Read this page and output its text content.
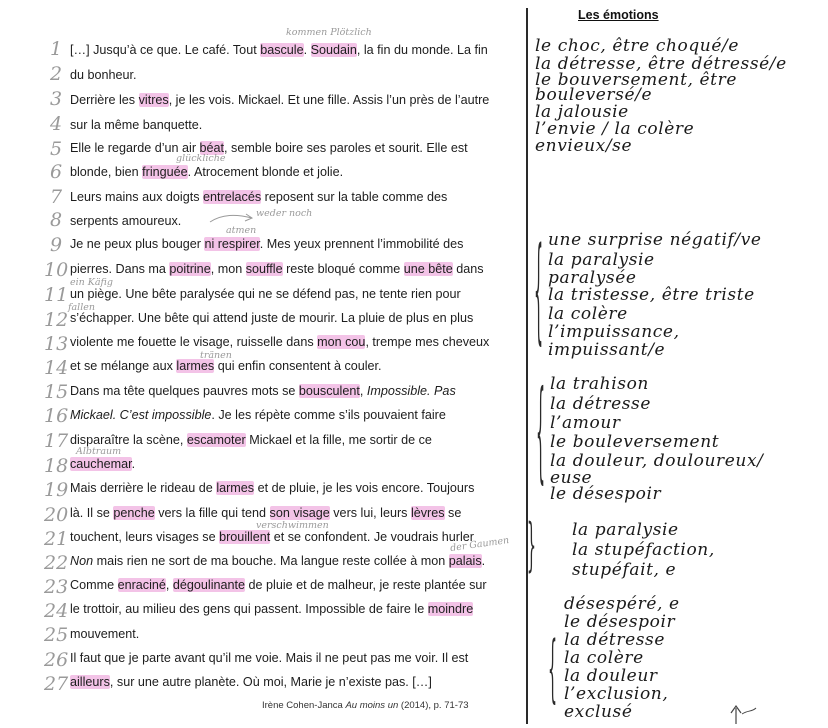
1
2
3
4
5
6
7
8
9
10
11
12
13
14
15
16
17
18
19
20
21
22
23
24
25
26
27
[…] Jusqu’à ce que. Le café. Tout bascule. Soudain, la fin du monde. La fin
du bonheur.
Derrière les vitres, je les vois. Mickael. Et une fille. Assis l’un près de l’autre
sur la même banquette.
Elle le regarde d’un air béat, semble boire ses paroles et sourit. Elle est
blonde, bien fringuée. Atrocement blonde et jolie.
Leurs mains aux doigts entrelacés reposent sur la table comme des
serpents amoureux.
Je ne peux plus bouger ni respirer. Mes yeux prennent l’immobilité des
pierres. Dans ma poitrine, mon souffle reste bloqué comme une bête dans
un piège. Une bête paralysée qui ne se défend pas, ne tente rien pour
s’échapper. Une bête qui attend juste de mourir. La pluie de plus en plus
violente me fouette le visage, ruisselle dans mon cou, trempe mes cheveux
et se mélange aux larmes qui enfin consentent à couler.
Dans ma tête quelques pauvres mots se bousculent, Impossible. Pas
Mickael. C’est impossible. Je les répète comme s’ils pouvaient faire
disparaître la scène, escamoter Mickael et la fille, me sortir de ce
cauchemar.
Mais derrière le rideau de larmes et de pluie, je les vois encore. Toujours
là. Il se penche vers la fille qui tend son visage vers lui, leurs lèvres se
touchent, leurs visages se brouillent et se confondent. Je voudrais hurler
Non mais rien ne sort de ma bouche. Ma langue reste collée à mon palais.
Comme enraciné, dégoulinante de pluie et de malheur, je reste plantée sur
le trottoir, au milieu des gens qui passent. Impossible de faire le moindre
mouvement.
Il faut que je parte avant qu’il me voie. Mais il ne peut pas me voir. Il est
ailleurs, sur une autre planète. Où moi, Marie je n’existe pas. […]
kommen Plötzlich
glückliche
weder noch
atmen
ein Käfig
fallen
tränen
Albtraum
verschwimmen
der Gaumen
Les émotions
le choc, être choqué/e
la détresse, être détressé/e
le bouversement, être
bouleversé/e
la jalousie
l’envie / la colère
envieux/se
{ une surprise négatif/ve
la paralysie
paralysée
la tristesse, être triste
la colère
l’impuissance,
impuissant/e
{ la trahison
la détresse
l’amour
le bouleversement
la douleur, douloureux/
euse
le désespoir
{ la paralysie
la stupéfaction,
stupéfait, e
{
désespéré, e
le désespoir
la détresse
la colère
la douleur
l’exclusion,
exclusé
Irène Cohen-Janca Au moins un (2014), p. 71-73
